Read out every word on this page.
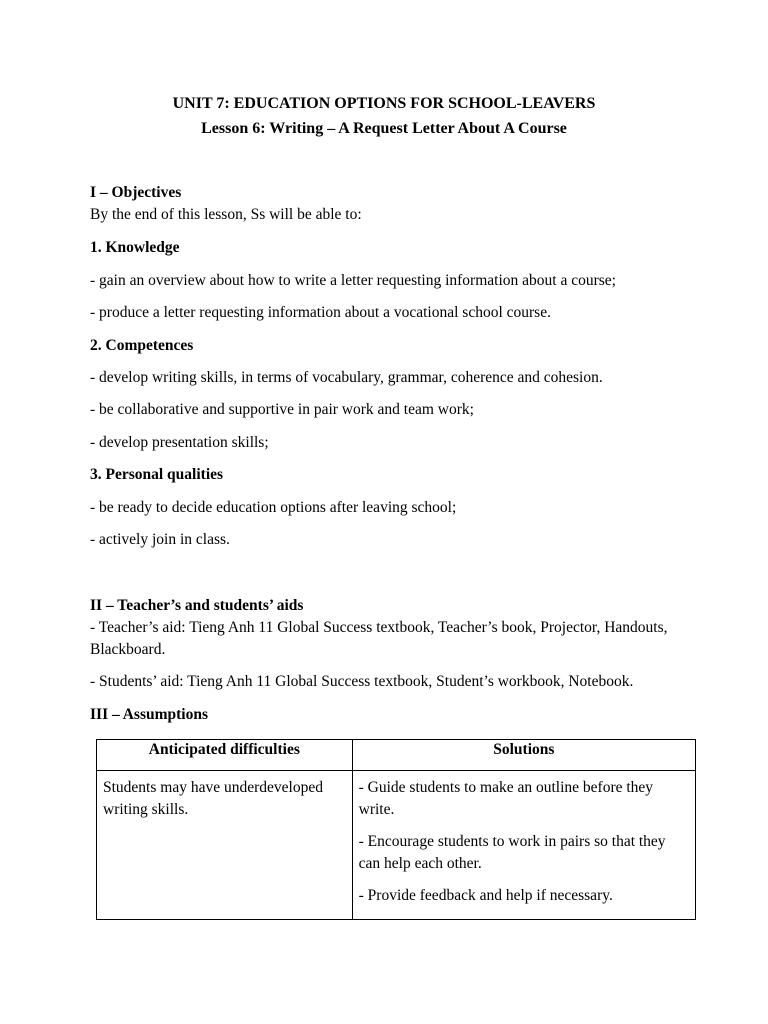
UNIT 7: EDUCATION OPTIONS FOR SCHOOL-LEAVERS
Lesson 6: Writing – A Request Letter About A Course
I – Objectives
By the end of this lesson, Ss will be able to:
1. Knowledge
- gain an overview about how to write a letter requesting information about a course;
- produce a letter requesting information about a vocational school course.
2. Competences
- develop writing skills, in terms of vocabulary, grammar, coherence and cohesion.
- be collaborative and supportive in pair work and team work;
- develop presentation skills;
3. Personal qualities
- be ready to decide education options after leaving school;
- actively join in class.
II – Teacher’s and students’ aids
- Teacher’s aid: Tieng Anh 11 Global Success textbook, Teacher’s book, Projector, Handouts, Blackboard.
- Students’ aid: Tieng Anh 11 Global Success textbook, Student’s workbook, Notebook.
III – Assumptions
Anticipated difficulties	Solutions
Students may have underdeveloped writing skills.	- Guide students to make an outline before they write.
- Encourage students to work in pairs so that they can help each other.
- Provide feedback and help if necessary.
